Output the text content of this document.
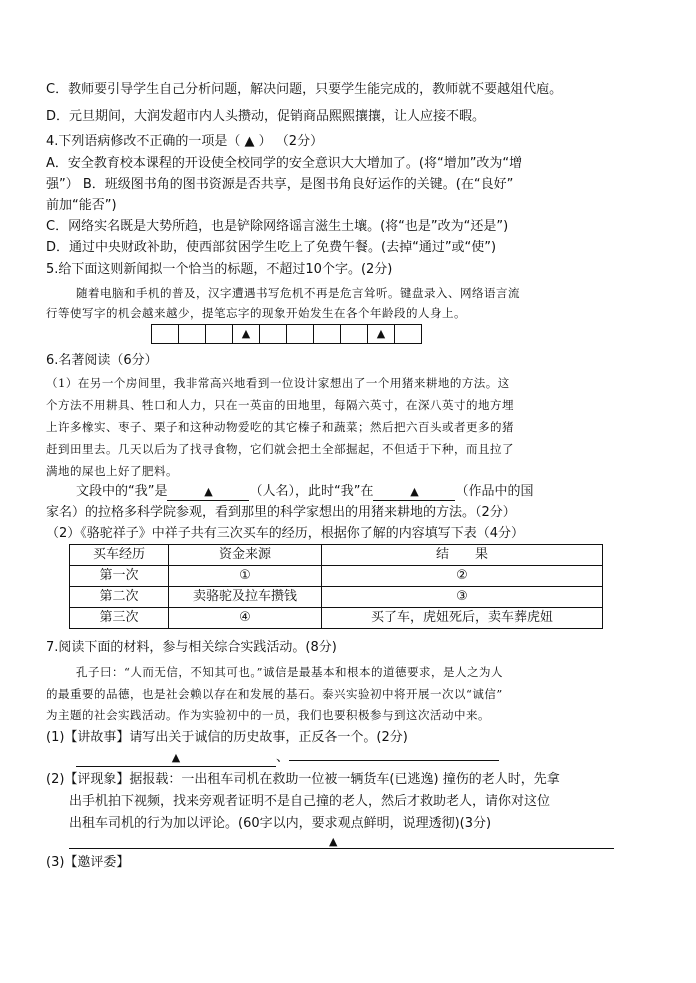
C．教师要引导学生自己分析问题，解决问题，只要学生能完成的，教师就不要越俎代庖。
D．元旦期间，大润发超市内人头攒动，促销商品熙熙攘攘，让人应接不暇。
4.下列语病修改不正确的一项是（ ▲ ） （2分）
A．安全教育校本课程的开设使全校同学的安全意识大大增加了。(将“增加”改为“增
强”） B．班级图书角的图书资源是否共享，是图书角良好运作的关键。(在“良好”
前加“能否”)
C．网络实名既是大势所趋，也是铲除网络谣言滋生土壤。(将“也是”改为“还是”)
D．通过中央财政补助，使西部贫困学生吃上了免费午餐。(去掉“通过”或“使”)
5.给下面这则新闻拟一个恰当的标题，不超过10个字。(2分)
随着电脑和手机的普及，汉字遭遇书写危机不再是危言耸听。键盘录入、网络语言流
行等使写字的机会越来越少，提笔忘字的现象开始发生在各个年龄段的人身上。
			▲					▲	
6.名著阅读（6分）
（1）在另一个房间里，我非常高兴地看到一位设计家想出了一个用猪来耕地的方法。这
个方法不用耕具、牲口和人力，只在一英亩的田地里，每隔六英寸，在深八英寸的地方埋
上许多橡实、枣子、栗子和这种动物爱吃的其它榛子和蔬菜；然后把六百头或者更多的猪
赶到田里去。几天以后为了找寻食物，它们就会把土全部掘起，不但适于下种，而且拉了
满地的屎也上好了肥料。
文段中的“我”是	▲	（人名），此时“我”在	▲	（作品中的国
家名）的拉格多科学院参观，看到那里的科学家想出的用猪来耕地的方法。（2分）
（2）《骆驼祥子》中祥子共有三次买车的经历，根据你了解的内容填写下表（4分）
买车经历	资金来源	结　　果
第一次	①	②
第二次	卖骆驼及拉车攒钱	③
第三次	④	买了车，虎妞死后，卖车葬虎妞
7.阅读下面的材料，参与相关综合实践活动。(8分)
孔子曰：“人而无信，不知其可也。”诚信是最基本和根本的道德要求，是人之为人
的最重要的品德，也是社会赖以存在和发展的基石。泰兴实验初中将开展一次以“诚信”
为主题的社会实践活动。作为实验初中的一员，我们也要积极参与到这次活动中来。
(1)【讲故事】请写出关于诚信的历史故事，正反各一个。(2分)
▲	、
(2)【评现象】据报载：一出租车司机在救助一位被一辆货车(已逃逸) 撞伤的老人时，先拿
出手机拍下视频，找来旁观者证明不是自己撞的老人，然后才救助老人，请你对这位
出租车司机的行为加以评论。(60字以内，要求观点鲜明，说理透彻)(3分)
▲
(3)【邀评委】
